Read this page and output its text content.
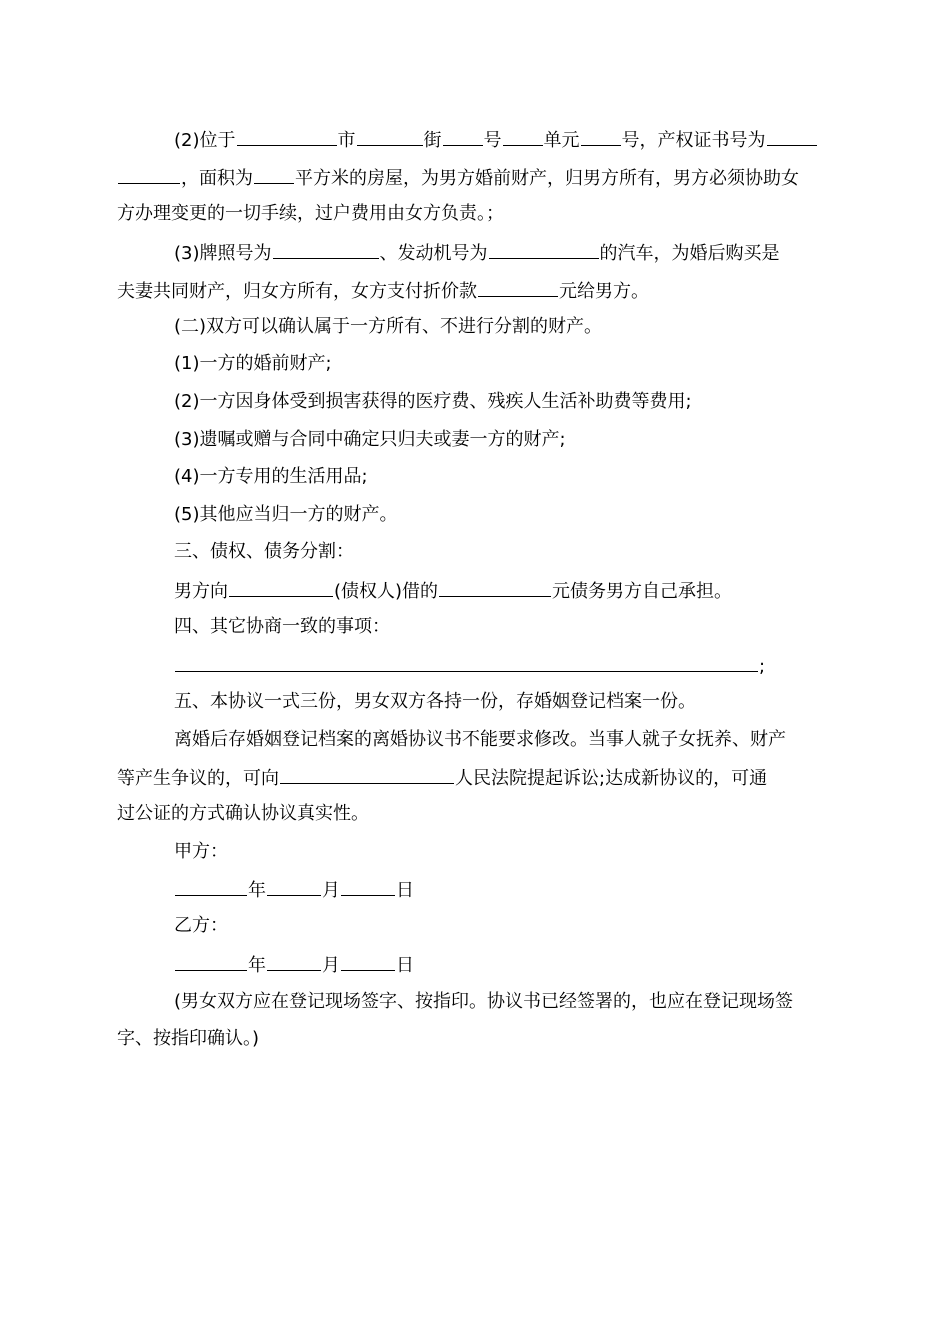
(2)位于	市	街 号 单元 号，产权证书号为
，面积为 平方米的房屋，为男方婚前财产，归男方所有，男方必须协助女
方办理变更的一切手续，过户费用由女方负责。；
(3)牌照号为	、发动机号为	的汽车，为婚后购买是
夫妻共同财产，归女方所有，女方支付折价款	元给男方。
(二)双方可以确认属于一方所有、不进行分割的财产。
(1)一方的婚前财产;
(2)一方因身体受到损害获得的医疗费、残疾人生活补助费等费用;
(3)遗嘱或赠与合同中确定只归夫或妻一方的财产;
(4)一方专用的生活用品;
(5)其他应当归一方的财产。
三、债权、债务分割：
男方向	(债权人)借的	元债务男方自己承担。
四、其它协商一致的事项：
;
五、本协议一式三份，男女双方各持一份，存婚姻登记档案一份。
离婚后存婚姻登记档案的离婚协议书不能要求修改。当事人就子女抚养、财产
等产生争议的，可向	人民法院提起诉讼;达成新协议的，可通
过公证的方式确认协议真实性。
甲方：
年	月	日
乙方：
年	月	日
(男女双方应在登记现场签字、按指印。协议书已经签署的，也应在登记现场签
字、按指印确认。)
